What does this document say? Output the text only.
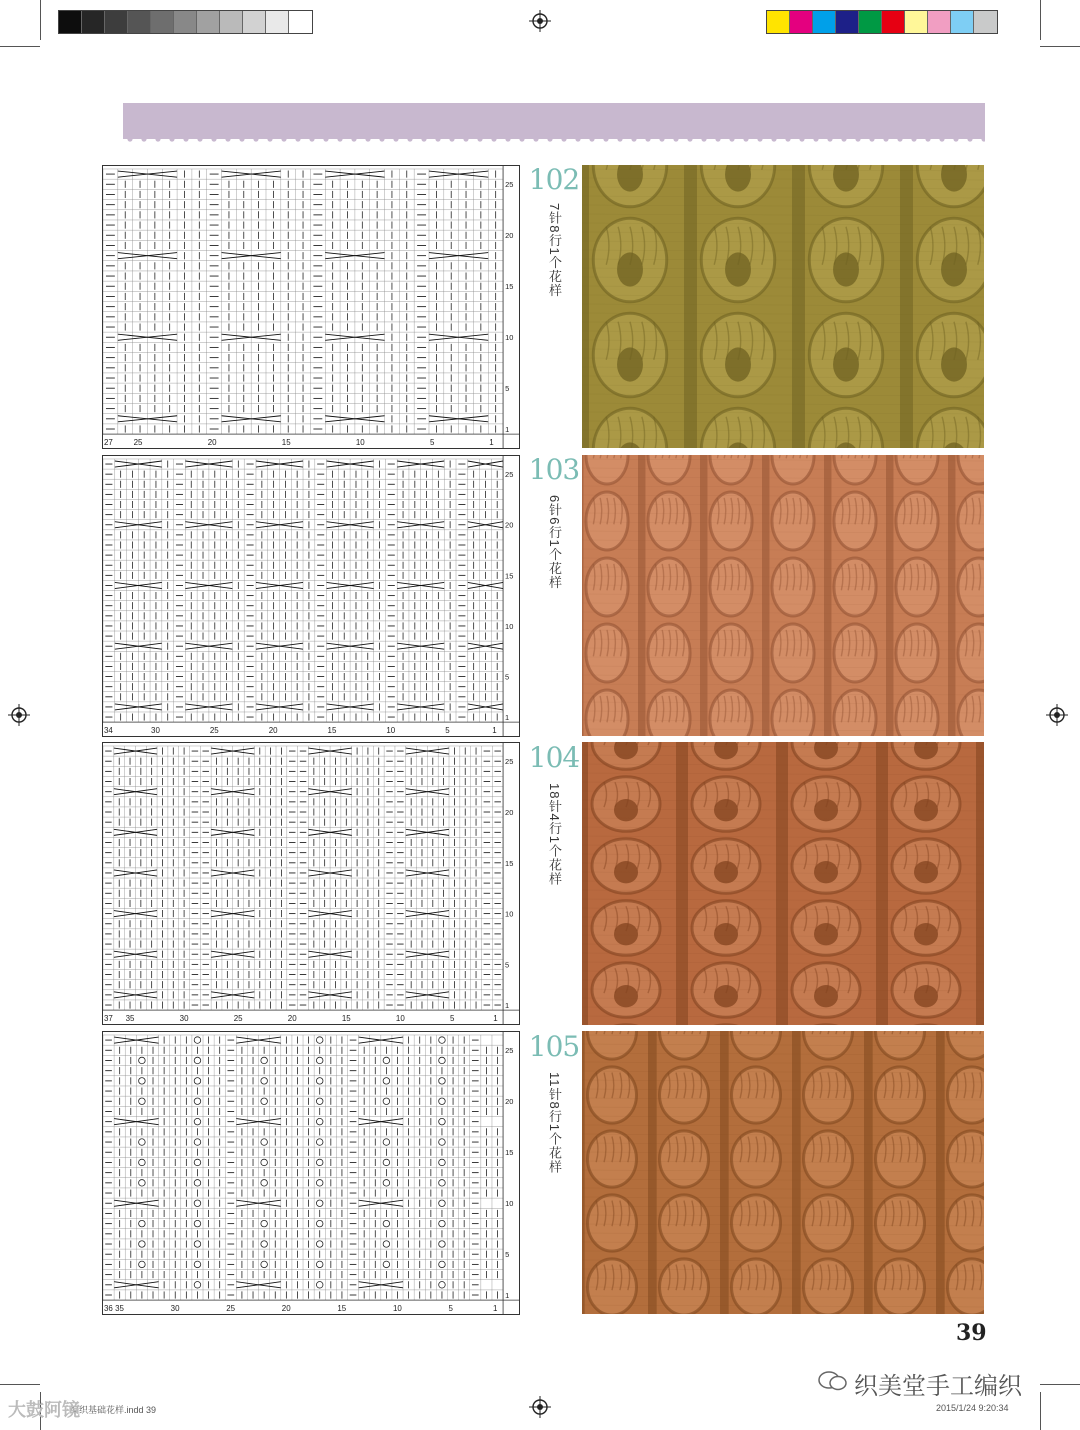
27	25	20	15	10	5	1
25
20
15
10
5
1
102
7针8行1个花样
34	30	25	20	15	10	5	1
25
20
15
10
5
1
103
6针6行1个花样
37 35	30	25	20	15	10	5	1
25
20
15
10
5
1
104
18针4行1个花样
36 35	30	25	20	15	10	5	1
25
20
15
10
5
1
105
11针8行1个花样
39
编织基础花样.indd 39	2015/1/24 9:20:34
大鼓阿镜
织美堂手工编织
